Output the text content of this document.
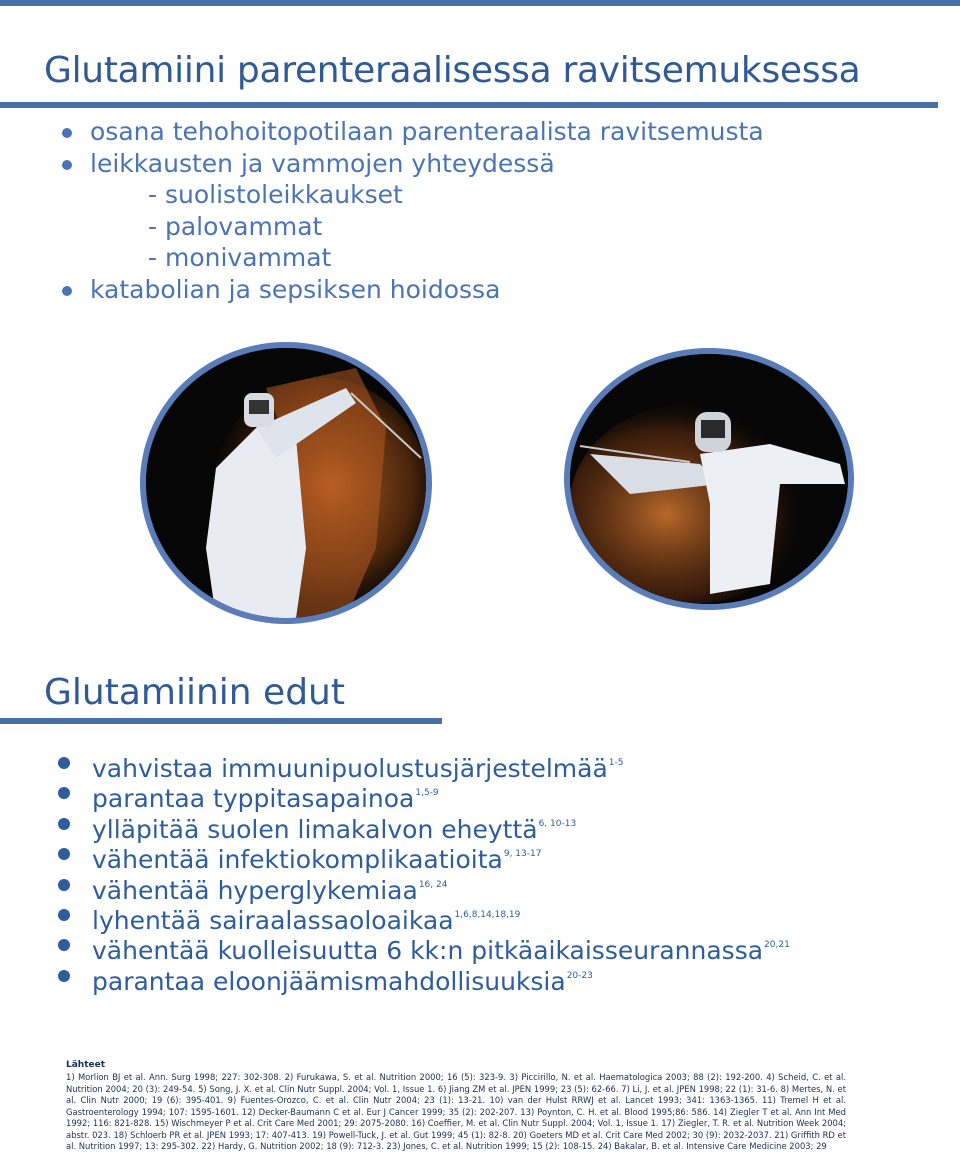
Glutamiini parenteraalisessa ravitsemuksessa
osana tehohoitopotilaan parenteraalista ravitsemusta
leikkausten ja vammojen yhteydessä
- suolistoleikkaukset
- palovammat
- monivammat
katabolian ja sepsiksen hoidossa
Glutamiinin edut
vahvistaa immuunipuolustusjärjestelmää$^{1-5}$
parantaa typpitasapainoa$^{1,5-9}$
ylläpitää suolen limakalvon eheyttä$^{6, 10-13}$
vähentää infektiokomplikaatioita$^{9, 13-17}$
vähentää hyperglykemiaa$^{16, 24}$
lyhentää sairaalassaoloaikaa$^{1,6,8,14,18,19}$
vähentää kuolleisuutta 6 kk:n pitkäaikaisseurannassa$^{20,21}$
parantaa eloonjäämismahdollisuuksia$^{20-23}$

Lähteet

1) Morlion BJ et al. Ann. Surg 1998; 227: 302-308. 2) Furukawa, S. et al. Nutrition 2000; 16 (5): 323-9. 3) Piccirillo, N. et al. Haematologica 2003; 88 (2): 192-200. 4) Scheid, C. et al. Nutrition 2004; 20 (3): 249-54. 5) Song, J. X. et al. Clin Nutr Suppl. 2004; Vol. 1, Issue 1. 6) Jiang ZM et al. JPEN 1999; 23 (5): 62-66. 7) Li, J. et al. JPEN 1998; 22 (1): 31-6. 8) Mertes, N. et al. Clin Nutr 2000; 19 (6): 395-401. 9) Fuentes-Orozco, C. et al. Clin Nutr 2004; 23 (1): 13-21. 10) van der Hulst RRWJ et al. Lancet 1993; 341: 1363-1365. 11) Tremel H et al. Gastroenterology 1994; 107: 1595-1601. 12) Decker-Baumann C et al. Eur J Cancer 1999; 35 (2): 202-207. 13) Poynton, C. H. et al. Blood 1995;86: 586. 14) Ziegler T et al. Ann Int Med 1992; 116: 821-828. 15) Wischmeyer P et al. Crit Care Med 2001; 29: 2075-2080. 16) Coeffier, M. et al. Clin Nutr Suppl. 2004; Vol. 1, Issue 1. 17) Ziegler, T. R. et al. Nutrition Week 2004; abstr. 023. 18) Schloerb PR et al. JPEN 1993; 17: 407-413. 19) Powell-Tuck, J. et al. Gut 1999; 45 (1): 82-8. 20) Goeters MD et al. Crit Care Med 2002; 30 (9): 2032-2037. 21) Griffith RD et al. Nutrition 1997; 13: 295-302. 22) Hardy, G. Nutrition 2002; 18 (9): 712-3. 23) Jones, C. et al. Nutrition 1999; 15 (2): 108-15. 24) Bakalar, B. et al. Intensive Care Medicine 2003; 29
